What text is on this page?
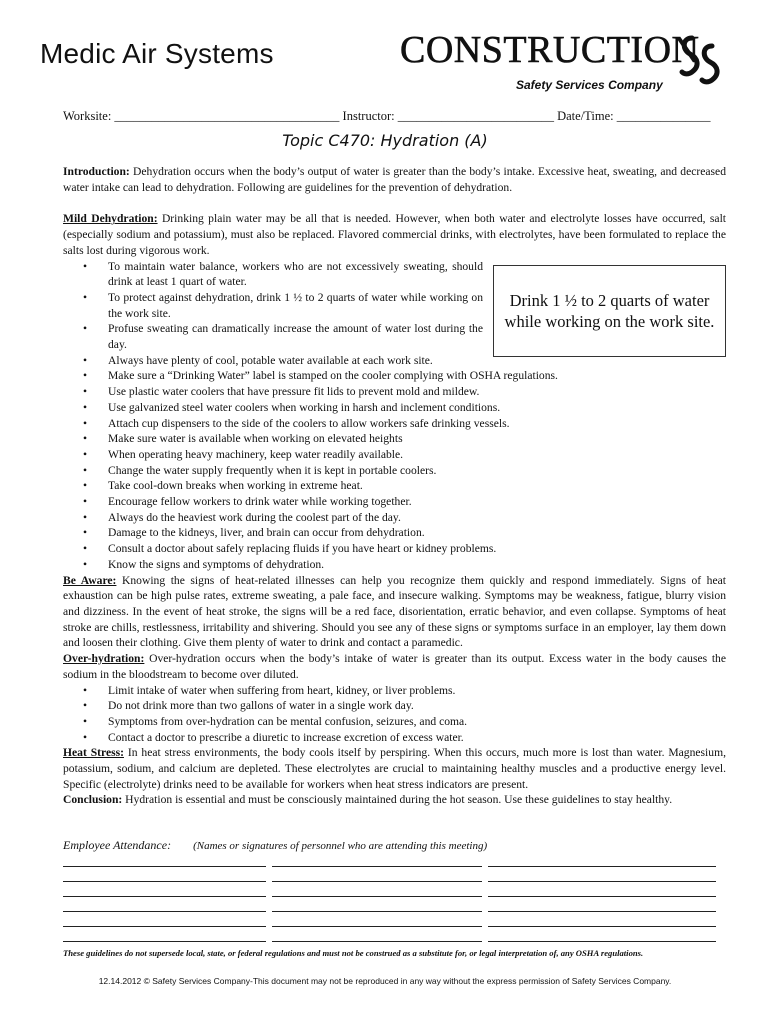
Medic Air Systems	CONSTRUCTION
Safety Services Company
Worksite: ____________________________________ Instructor: _________________________ Date/Time: _______________
Topic C470: Hydration (A)

Introduction: Dehydration occurs when the body’s output of water is greater than the body’s intake. Excessive heat, sweating, and decreased water intake can lead to dehydration. Following are guidelines for the prevention of dehydration.

Mild Dehydration: Drinking plain water may be all that is needed. However, when both water and electrolyte losses have occurred, salt (especially sodium and potassium), must also be replaced. Flavored commercial drinks, with electrolytes, have been formulated to replace the salts lost during vigorous work.

• To maintain water balance, workers who are not excessively sweating, should drink at least 1 quart of water.
• To protect against dehydration, drink 1 ½ to 2 quarts of water while working on the work site.
• Profuse sweating can dramatically increase the amount of water lost during the day.
• Always have plenty of cool, potable water available at each work site.
• Make sure a “Drinking Water” label is stamped on the cooler complying with OSHA regulations.
• Use plastic water coolers that have pressure fit lids to prevent mold and mildew.
• Use galvanized steel water coolers when working in harsh and inclement conditions.
• Attach cup dispensers to the side of the coolers to allow workers safe drinking vessels.
• Make sure water is available when working on elevated heights
• When operating heavy machinery, keep water readily available.
• Change the water supply frequently when it is kept in portable coolers.
• Take cool-down breaks when working in extreme heat.
• Encourage fellow workers to drink water while working together.
• Always do the heaviest work during the coolest part of the day.
• Damage to the kidneys, liver, and brain can occur from dehydration.
• Consult a doctor about safely replacing fluids if you have heart or kidney problems.
• Know the signs and symptoms of dehydration.

Be Aware: Knowing the signs of heat-related illnesses can help you recognize them quickly and respond immediately. Signs of heat exhaustion can be high pulse rates, extreme sweating, a pale face, and insecure walking. Symptoms may be weakness, fatigue, blurry vision and dizziness. In the event of heat stroke, the signs will be a red face, disorientation, erratic behavior, and even collapse. Symptoms of heat stroke are chills, restlessness, irritability and shivering. Should you see any of these signs or symptoms surface in an employer, lay them down and loosen their clothing. Give them plenty of water to drink and contact a paramedic.

Over-hydration: Over-hydration occurs when the body’s intake of water is greater than its output. Excess water in the body causes the sodium in the bloodstream to become over diluted.

• Limit intake of water when suffering from heart, kidney, or liver problems.
• Do not drink more than two gallons of water in a single work day.
• Symptoms from over-hydration can be mental confusion, seizures, and coma.
• Contact a doctor to prescribe a diuretic to increase excretion of excess water.

Heat Stress: In heat stress environments, the body cools itself by perspiring. When this occurs, much more is lost than water. Magnesium, potassium, sodium, and calcium are depleted. These electrolytes are crucial to maintaining healthy muscles and a productive energy level. Specific (electrolyte) drinks need to be available for workers when heat stress indicators are present.

Conclusion: Hydration is essential and must be consciously maintained during the hot season. Use these guidelines to stay healthy.

Drink 1 ½ to 2 quarts of water while working on the work site.
Employee Attendance: (Names or signatures of personnel who are attending this meeting)
These guidelines do not supersede local, state, or federal regulations and must not be construed as a substitute for, or legal interpretation of, any OSHA regulations.
12.14.2012 © Safety Services Company-This document may not be reproduced in any way without the express permission of Safety Services Company.
